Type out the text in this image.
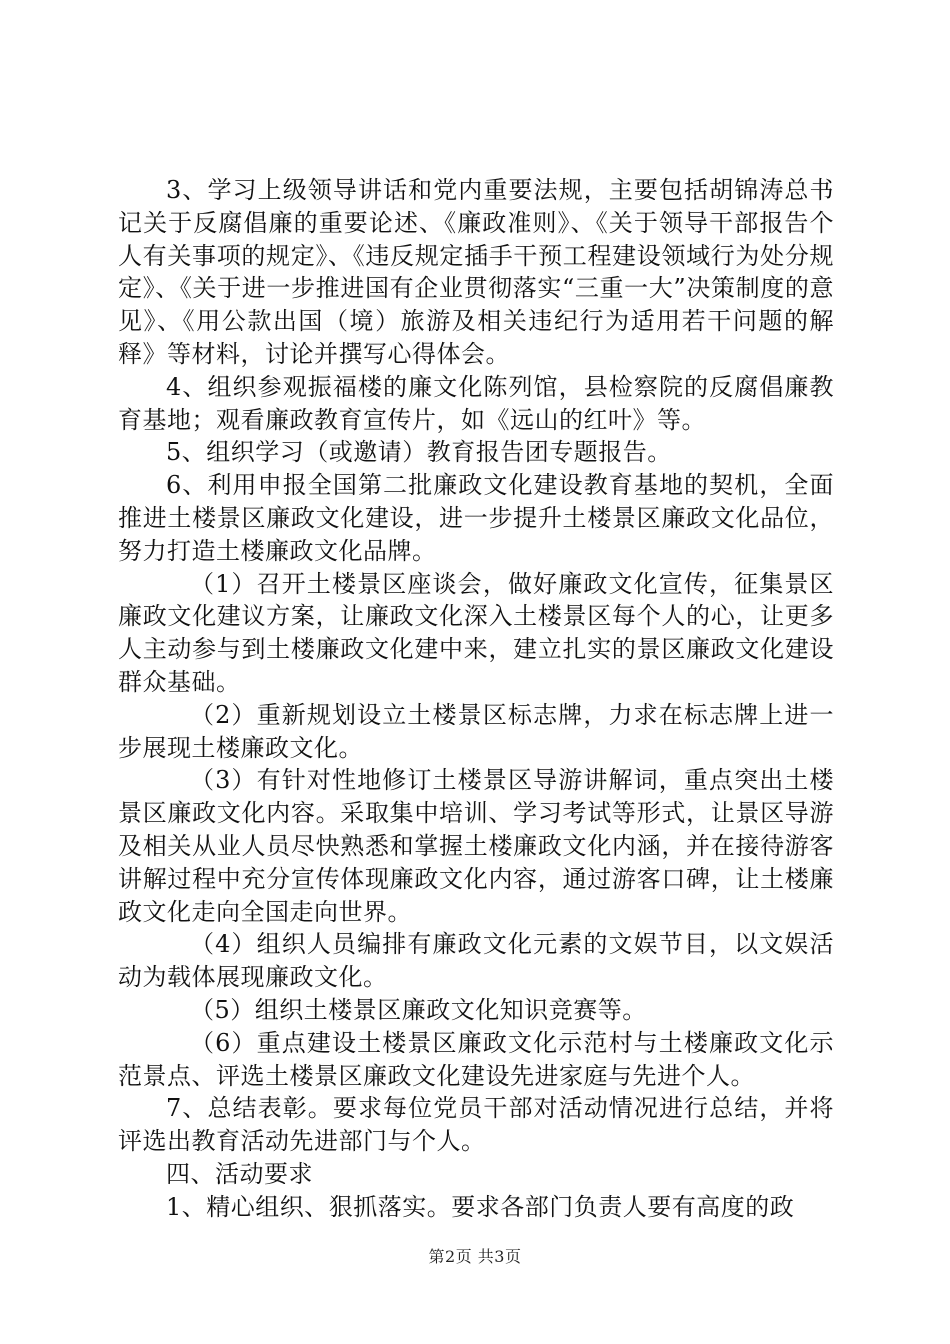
3、学习上级领导讲话和党内重要法规，主要包括胡锦涛总书记关于反腐倡廉的重要论述、《廉政准则》、《关于领导干部报告个人有关事项的规定》、《违反规定插手干预工程建设领域行为处分规定》、《关于进一步推进国有企业贯彻落实“三重一大”决策制度的意见》、《用公款出国（境）旅游及相关违纪行为适用若干问题的解释》等材料，讨论并撰写心得体会。

4、组织参观振福楼的廉文化陈列馆，县检察院的反腐倡廉教育基地；观看廉政教育宣传片，如《远山的红叶》等。

5、组织学习（或邀请）教育报告团专题报告。

6、利用申报全国第二批廉政文化建设教育基地的契机，全面推进土楼景区廉政文化建设，进一步提升土楼景区廉政文化品位，努力打造土楼廉政文化品牌。

（1）召开土楼景区座谈会，做好廉政文化宣传，征集景区廉政文化建议方案，让廉政文化深入土楼景区每个人的心，让更多人主动参与到土楼廉政文化建中来，建立扎实的景区廉政文化建设群众基础。

（2）重新规划设立土楼景区标志牌，力求在标志牌上进一步展现土楼廉政文化。

（3）有针对性地修订土楼景区导游讲解词，重点突出土楼景区廉政文化内容。采取集中培训、学习考试等形式，让景区导游及相关从业人员尽快熟悉和掌握土楼廉政文化内涵，并在接待游客讲解过程中充分宣传体现廉政文化内容，通过游客口碑，让土楼廉政文化走向全国走向世界。

（4）组织人员编排有廉政文化元素的文娱节目，以文娱活动为载体展现廉政文化。

（5）组织土楼景区廉政文化知识竞赛等。

（6）重点建设土楼景区廉政文化示范村与土楼廉政文化示范景点、评选土楼景区廉政文化建设先进家庭与先进个人。

7、总结表彰。要求每位党员干部对活动情况进行总结，并将评选出教育活动先进部门与个人。

四、活动要求

1、精心组织、狠抓落实。要求各部门负责人要有高度的政

第2页 共3页
